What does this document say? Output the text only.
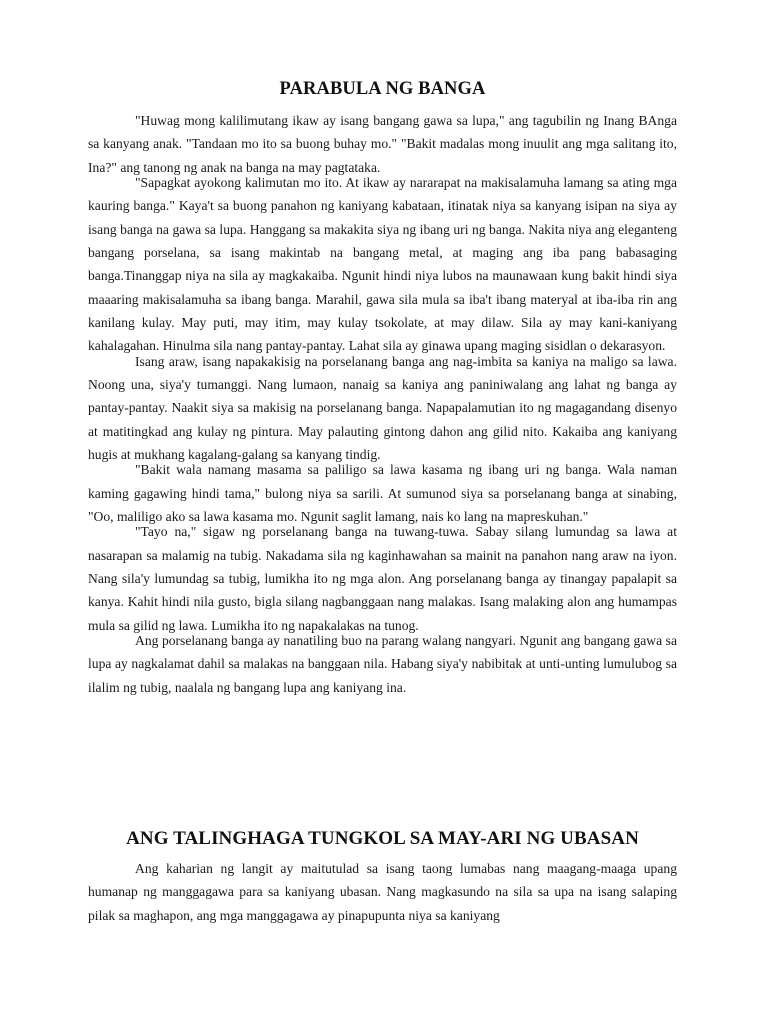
PARABULA NG BANGA

"Huwag mong kalilimutang ikaw ay isang bangang gawa sa lupa," ang tagubilin ng Inang BAnga sa kanyang anak. "Tandaan mo ito sa buong buhay mo." "Bakit madalas mong inuulit ang mga salitang ito, Ina?" ang tanong ng anak na banga na may pagtataka.

"Sapagkat ayokong kalimutan mo ito. At ikaw ay nararapat na makisalamuha lamang sa ating mga kauring banga." Kaya't sa buong panahon ng kaniyang kabataan, itinatak niya sa kanyang isipan na siya ay isang banga na gawa sa lupa. Hanggang sa makakita siya ng ibang uri ng banga. Nakita niya ang eleganteng bangang porselana, sa isang makintab na bangang metal, at maging ang iba pang babasaging banga.Tinanggap niya na sila ay magkakaiba. Ngunit hindi niya lubos na maunawaan kung bakit hindi siya maaaring makisalamuha sa ibang banga. Marahil, gawa sila mula sa iba't ibang materyal at iba-iba rin ang kanilang kulay. May puti, may itim, may kulay tsokolate, at may dilaw. Sila ay may kani-kaniyang kahalagahan. Hinulma sila nang pantay-pantay. Lahat sila ay ginawa upang maging sisidlan o dekarasyon.

Isang araw, isang napakakisig na porselanang banga ang nag-imbita sa kaniya na maligo sa lawa. Noong una, siya'y tumanggi. Nang lumaon, nanaig sa kaniya ang paniniwalang ang lahat ng banga ay pantay-pantay. Naakit siya sa makisig na porselanang banga. Napapalamutian ito ng magagandang disenyo at matitingkad ang kulay ng pintura. May palauting gintong dahon ang gilid nito. Kakaiba ang kaniyang hugis at mukhang kagalang-galang sa kanyang tindig.

"Bakit wala namang masama sa paliligo sa lawa kasama ng ibang uri ng banga. Wala naman kaming gagawing hindi tama," bulong niya sa sarili. At sumunod siya sa porselanang banga at sinabing, "Oo, maliligo ako sa lawa kasama mo. Ngunit saglit lamang, nais ko lang na mapreskuhan."

"Tayo na," sigaw ng porselanang banga na tuwang-tuwa. Sabay silang lumundag sa lawa at nasarapan sa malamig na tubig. Nakadama sila ng kaginhawahan sa mainit na panahon nang araw na iyon. Nang sila'y lumundag sa tubig, lumikha ito ng mga alon. Ang porselanang banga ay tinangay papalapit sa kanya. Kahit hindi nila gusto, bigla silang nagbanggaan nang malakas. Isang malaking alon ang humampas mula sa gilid ng lawa. Lumikha ito ng napakalakas na tunog.

Ang porselanang banga ay nanatiling buo na parang walang nangyari. Ngunit ang bangang gawa sa lupa ay nagkalamat dahil sa malakas na banggaan nila. Habang siya'y nabibitak at unti-unting lumulubog sa ilalim ng tubig, naalala ng bangang lupa ang kaniyang ina.

ANG TALINGHAGA TUNGKOL SA MAY-ARI NG UBASAN

Ang kaharian ng langit ay maitutulad sa isang taong lumabas nang maagang-maaga upang humanap ng manggagawa para sa kaniyang ubasan. Nang magkasundo na sila sa upa na isang salaping pilak sa maghapon, ang mga manggagawa ay pinapupunta niya sa kaniyang
